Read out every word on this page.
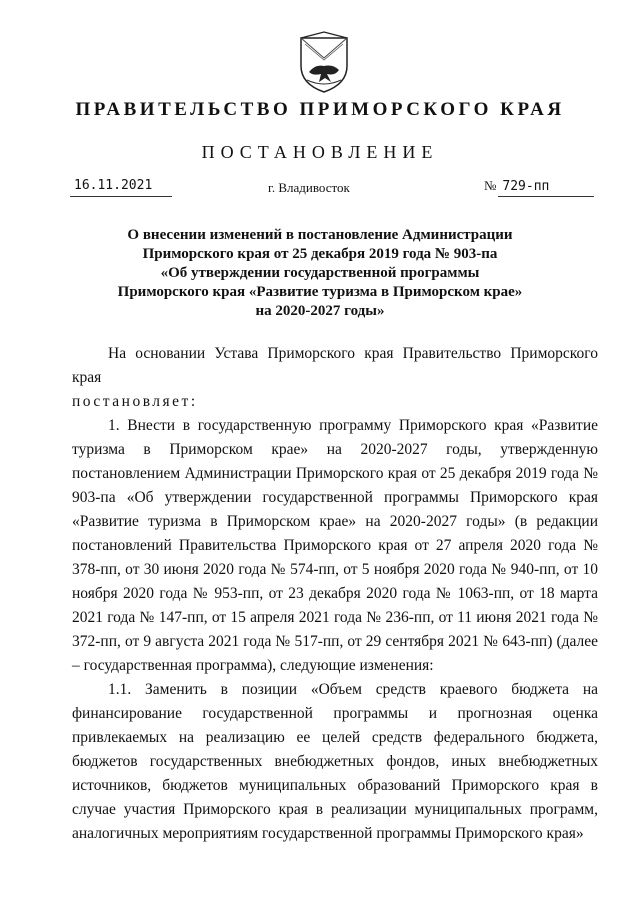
ПРАВИТЕЛЬСТВО ПРИМОРСКОГО КРАЯ
ПОСТАНОВЛЕНИЕ
16.11.2021	г. Владивосток	№ 729-пп
О внесении изменений в постановление Администрации
Приморского края от 25 декабря 2019 года № 903-па
«Об утверждении государственной программы
Приморского края «Развитие туризма в Приморском крае»
на 2020-2027 годы»

На основании Устава Приморского края Правительство Приморского края

постановляет:

1. Внести в государственную программу Приморского края «Развитие туризма в Приморском крае» на 2020-2027 годы, утвержденную постановлением Администрации Приморского края от 25 декабря 2019 года № 903-па «Об утверждении государственной программы Приморского края «Развитие туризма в Приморском крае» на 2020-2027 годы» (в редакции постановлений Правительства Приморского края от 27 апреля 2020 года № 378-пп, от 30 июня 2020 года № 574-пп, от 5 ноября 2020 года № 940-пп, от 10 ноября 2020 года № 953-пп, от 23 декабря 2020 года № 1063-пп, от 18 марта 2021 года № 147-пп, от 15 апреля 2021 года № 236-пп, от 11 июня 2021 года № 372-пп, от 9 августа 2021 года № 517-пп, от 29 сентября 2021 № 643-пп) (далее – государственная программа), следующие изменения:

1.1. Заменить в позиции «Объем средств краевого бюджета на финансирование государственной программы и прогнозная оценка привлекаемых на реализацию ее целей средств федерального бюджета, бюджетов государственных внебюджетных фондов, иных внебюджетных источников, бюджетов муниципальных образований Приморского края в случае участия Приморского края в реализации муниципальных программ, аналогичных мероприятиям государственной программы Приморского края»
